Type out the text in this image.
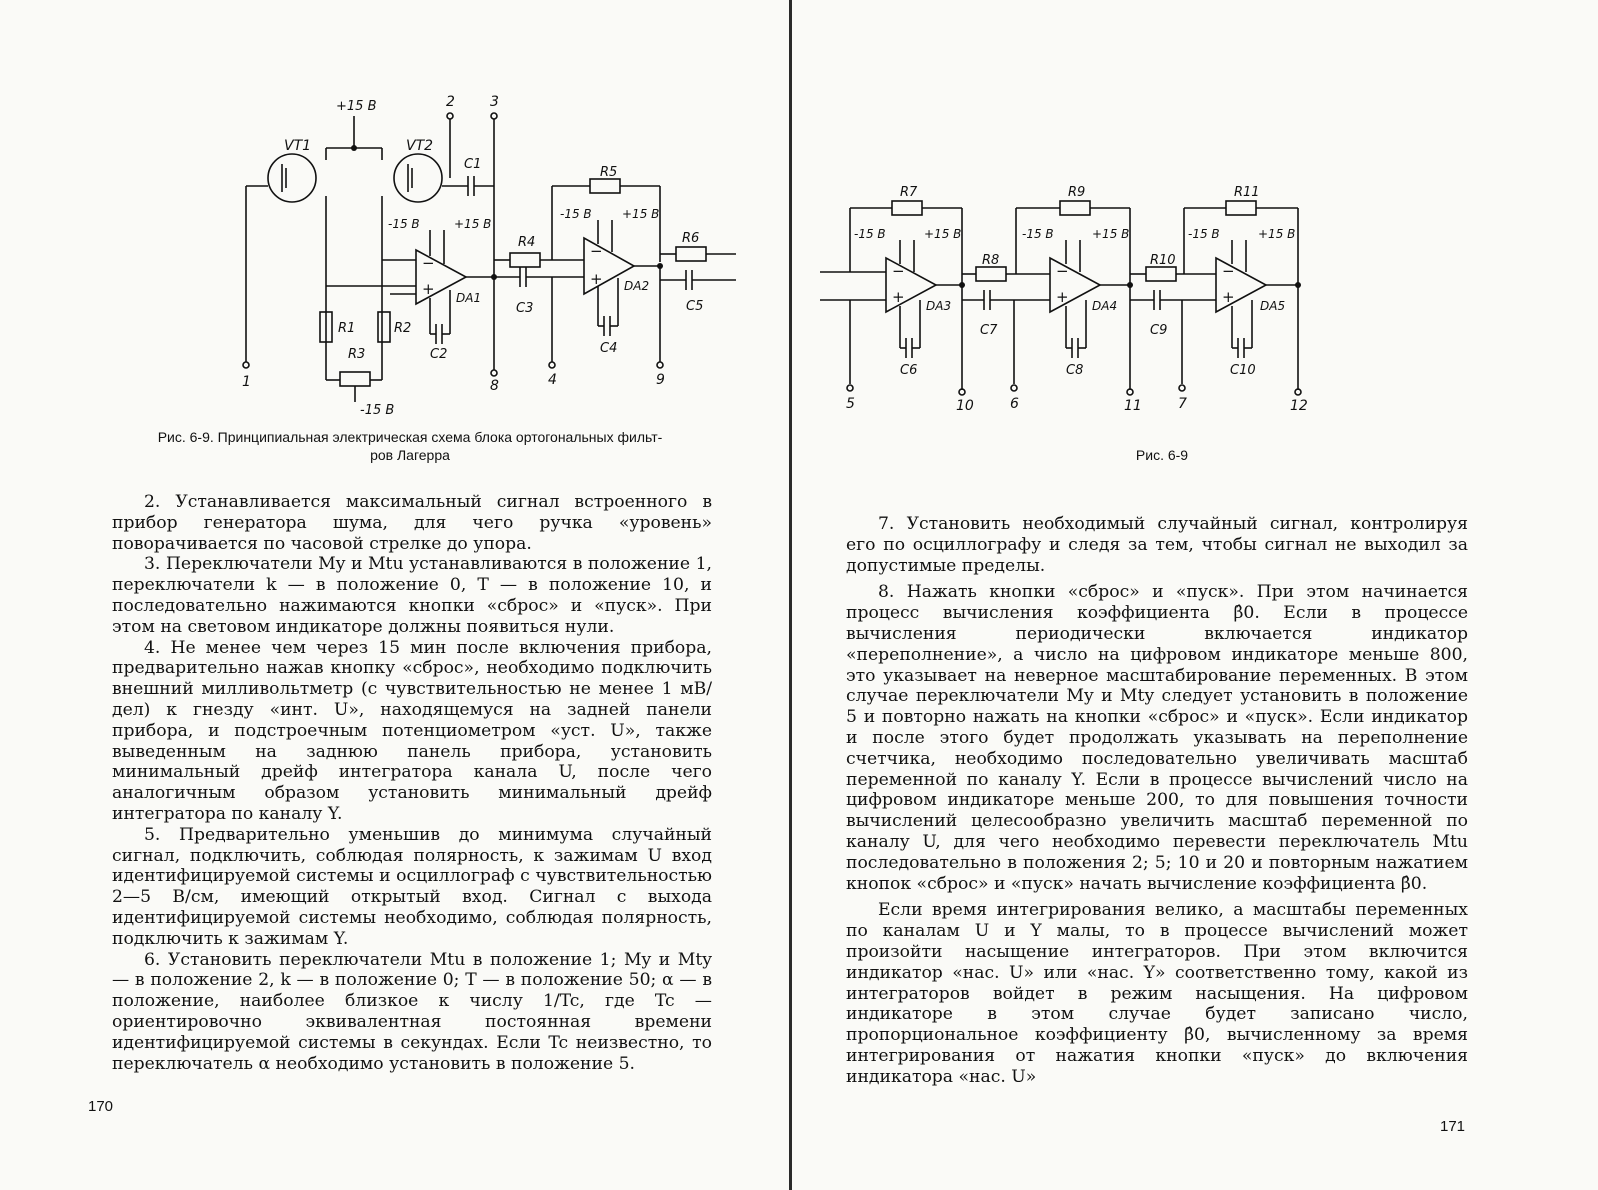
VT1	VT2
+15 В	2	3
C1
1
R1	R2
R3
-15 В
−
+ DA1
-15 В	+15 В
C2
8
R4
C3
4
R5
−
+ DA2
-15 В	+15 В
C4
9
R6
C5
Рис. 6-9. Принципиальная электрическая схема блока ортогональных фильт-
ров Лагерра

2. Устанавливается максимальный сигнал встроенного в прибор генератора шума, для чего ручка «уровень» поворачивается по часовой стрелке до упора.

3. Переключатели My и Mtu устанавливаются в положение 1, переключатели k — в положение 0, T — в положение 10, и последовательно нажимаются кнопки «сброс» и «пуск». При этом на световом индикаторе должны появиться нули.

4. Не менее чем через 15 мин после включения прибора, предварительно нажав кнопку «сброс», необходимо подключить внешний милливольтметр (с чувствительностью не менее 1 мВ/дел) к гнезду «инт. U», находящемуся на задней панели прибора, и подстроечным потенциометром «уст. U», также выведенным на заднюю панель прибора, установить минимальный дрейф интегратора канала U, после чего аналогичным образом установить минимальный дрейф интегратора по каналу Y.

5. Предварительно уменьшив до минимума случайный сигнал, подключить, соблюдая полярность, к зажимам U вход идентифицируемой системы и осциллограф с чувствительностью 2—5 В/см, имеющий открытый вход. Сигнал с выхода идентифицируемой системы необходимо, соблюдая полярность, подключить к зажимам Y.

6. Установить переключатели Mtu в положение 1; My и Mty — в положение 2, k — в положение 0; T — в положение 50; α — в положение, наиболее близкое к числу 1/Tc, где Tc — ориентировочно эквивалентная постоянная времени идентифицируемой системы в секундах. Если Tc неизвестно, то переключатель α необходимо установить в положение 5.

170
R7
−
+ DA3
-15 В	+15 В
5	10
C6
R8
C7
6
R9
−
+ DA4
-15 В	+15 В
11
C8
R10
C9
7
R11
−
+ DA5
-15 В	+15 В
12
C10
Рис. 6-9

7. Установить необходимый случайный сигнал, контролируя его по осциллографу и следя за тем, чтобы сигнал не выходил за допустимые пределы.

8. Нажать кнопки «сброс» и «пуск». При этом начинается процесс вычисления коэффициента β̂0. Если в процессе вычисления периодически включается индикатор «переполнение», а число на цифровом индикаторе меньше 800, это указывает на неверное масштабирование переменных. В этом случае переключатели My и Mty следует установить в положение 5 и повторно нажать на кнопки «сброс» и «пуск». Если индикатор и после этого будет продолжать указывать на переполнение счетчика, необходимо последовательно увеличивать масштаб переменной по каналу Y. Если в процессе вычислений число на цифровом индикаторе меньше 200, то для повышения точности вычислений целесообразно увеличить масштаб переменной по каналу U, для чего необходимо перевести переключатель Mtu последовательно в положения 2; 5; 10 и 20 и повторным нажатием кнопок «сброс» и «пуск» начать вычисление коэффициента β̂0.

Если время интегрирования велико, а масштабы переменных по каналам U и Y малы, то в процессе вычислений может произойти насыщение интеграторов. При этом включится индикатор «нас. U» или «нас. Y» соответственно тому, какой из интеграторов войдет в режим насыщения. На цифровом индикаторе в этом случае будет записано число, пропорциональное коэффициенту β̂0, вычисленному за время интегрирования от нажатия кнопки «пуск» до включения индикатора «нас. U»

171
